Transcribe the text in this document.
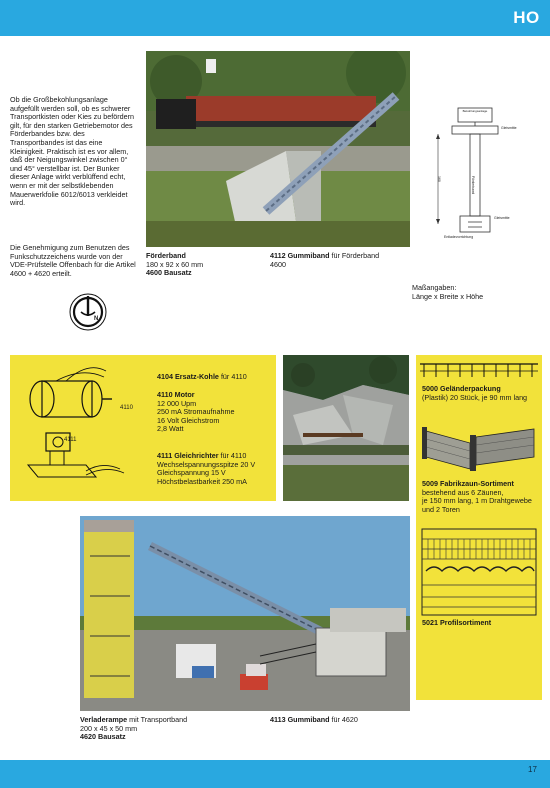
HO
Ob die Großbekohlungsanlage aufgefüllt werden soll, ob es schwerer Transportkisten oder Kies zu befördern gilt, für den starken Getriebemotor des Förderbandes bzw. des Transportbandes ist das eine Kleinigkeit. Praktisch ist es vor allem, daß der Neigungswinkel zwischen 0° und 45° verstellbar ist. Der Bunker dieser Anlage wirkt verblüffend echt, wenn er mit der selbstklebenden Mauerwerkfolie 6012/6013 verkleidet wird.
Die Genehmigung zum Benutzen des Funkschutzzeichens wurde von der VDE-Prüfstelle Offenbach für die Artikel 4600 + 4620 erteilt.
N
Bekohlungsanlage
Gleismitte
Förderband
160
Gleismitte
Entladevorrichtung
Förderband
180 x 92 x 60 mm
4600 Bausatz
4112 Gummiband für Förderband 4600
Maßangaben:
Länge x Breite x Höhe
4110
4111
4104 Ersatz-Kohle für 4110
4110 Motor
12 000 Upm
250 mA Stromaufnahme
16 Volt Gleichstrom
2,8 Watt
4111 Gleichrichter für 4110
Wechselspannungsspitze 20 V
Gleichspannung 15 V
Höchstbelastbarkeit 250 mA
5000 Geländerpackung
(Plastik) 20 Stück, je 90 mm lang
5009 Fabrikzaun-Sortiment
bestehend aus 6 Zäunen,
je 150 mm lang, 1 m Drahtgewebe
und 2 Toren
5021 Profilsortiment
Verladerampe mit Transportband
200 x 45 x 50 mm
4620 Bausatz
4113 Gummiband für 4620
17
